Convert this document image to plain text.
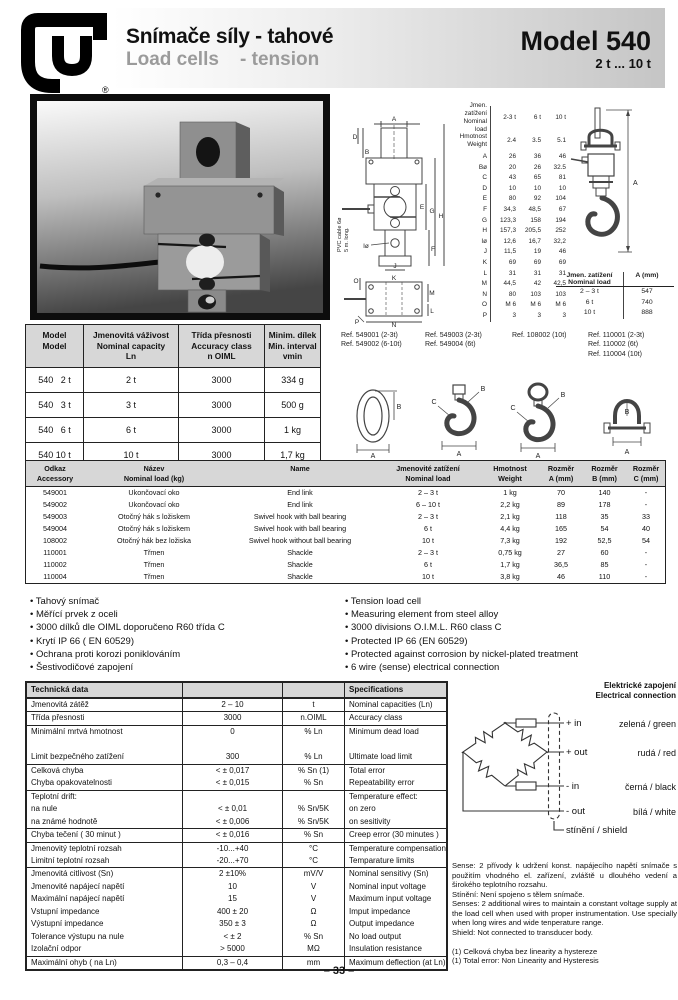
®
Snímače síly - tahové
Load cells    - tension
Model 540
2 t ... 10 t
A
D
B
E
G
H
F
Iø
J
K
O
M
L
N
P
PVC cable 6ø 5 m. long.
Jmen. zatížení
Nominal load
2-3 t	6 t	10 t
Hmotnost
Weight
2.4	3.5	5.1
A	26	36	46
Bø	20	26	32.5
C	43	65	81
D	10	10	10
E	80	92	104
F	34,3	48,5	67
G	123,3	158	194
H	157,3	205,5	252
Iø	12,6	16,7	32,2
J	11,5	19	46
K	69	69	69
L	31	31	31
M	44,5	42	42,5
N	80	103	103
O	M 6	M 6	M 6
P	3	3	3
A
Jmen. zatížení
Nominal load
A (mm)
2 – 3 t	547
6 t	740
10 t	888
Ref. 549001 (2-3t)
Ref. 549002 (6-10t)
Ref. 549003 (2-3t)
Ref. 549004 (6t)
Ref. 108002 (10t)	Ref. 110001 (2-3t)
Ref. 110002 (6t)
Ref. 110004 (10t)
Model
Model
Jmenovitá váživost
Nominal capacity
Ln
Třída přesnosti
Accuracy class
n OIML
Minim. dílek
Min. interval
vmin
540   2 t	2 t	3000	334 g
540   3 t	3 t	3000	500 g
540   6 t	6 t	3000	1 kg
540 10 t	10 t	3000	1,7 kg
B
A
C
B
A
C
B
A
B
A
Odkaz
Accessory
Název
Nominal load (kg)
Name	Jmenovité zatížení
Nominal load
Hmotnost
Weight
Rozměr
A (mm)
Rozměr
B (mm)
Rozměr
C (mm)
549001	Ukončovací oko	End link	2 – 3 t	1 kg	70	140	-
549002	Ukončovací oko	End link	6 – 10 t	2,2 kg	89	178	-
549003	Otočný hák s ložiskem	Swivel hook with ball bearing	2 – 3 t	2,1 kg	118	35	33
549004	Otočný hák s ložiskem	Swivel hook with ball bearing	6 t	4,4 kg	165	54	40
108002	Otočný hák bez ložiska	Swivel hook without ball bearing	10 t	7,3 kg	192	52,5	54
110001	Třmen	Shackle	2 – 3 t	0,75 kg	27	60	-
110002	Třmen	Shackle	6 t	1,7 kg	36,5	85	-
110004	Třmen	Shackle	10 t	3,8 kg	46	110	-
• Tahový snímač
• Měřící prvek z oceli
• 3000 dílků dle OIML doporučeno R60 třída C
• Krytí IP 66 ( EN 60529)
• Ochrana proti korozi poniklováním
• Šestivodičové zapojení
• Tension load cell
• Measuring element from steel alloy
• 3000 divisions O.I.M.L. R60 class C
• Protected IP 66 (EN 60529)
• Protected against corrosion by nickel-plated treatment
• 6 wire (sense) electrical connection
Technická data	Specifications
Jmenovitá zátěž	2 – 10	t	Nominal capacities (Ln)
Třída přesnosti	3000	n.OIML	Accuracy class
Minimální mrtvá hmotnost	0	% Ln	Minimum dead load
Limit bezpečného zatížení	300	% Ln	Ultimate load limit
Celková chyba	< ± 0,017	% Sn (1)	Total error
Chyba opakovatelnosti	< ± 0,015	% Sn	Repeatability error
Teplotní drift:	Temperature effect:
na nule	< ± 0,01	% Sn/5K	on zero
na známé hodnotě	< ± 0,006	% Sn/5K	on sesitivity
Chyba tečení ( 30 minut )	< ± 0,016	% Sn	Creep error (30 minutes )
Jmenovitý teplotní rozsah	-10...+40	°C	Temperature compensation
Limitní teplotní rozsah	-20...+70	°C	Temparature limits
Jmenovitá citlivost (Sn)	2 ±10%	mV/V	Nominal sensitivy (Sn)
Jmenovité napájecí napětí	10	V	Nominal input voltage
Maximální napájecí napětí	15	V	Maximum input voltage
Vstupní impedance	400 ± 20	Ω	Imput impedance
Výstupní impedance	350 ± 3	Ω	Output impedance
Tolerance výstupu na nule	< ± 2	% Sn	No load output
Izolační odpor	> 5000	MΩ	Insulation resistance
Maximální ohyb ( na Ln)	0,3 – 0,4	mm	Maximum deflection (at Ln)
Elektrické zapojení
Electrical connection
+ in	zelená / green
+ out	rudá / red
- in	černá / black
- out	bílá / white
stínění / shield

Sense: 2 přívody k udržení konst. napájecího napětí snímače s použitím vhodného el. zařízení, zvláště u dlouhého vedení a širokého teplotního rozsahu.

Stínění: Není spojeno s tělem snímače.

Senses: 2 additional wires to maintain a constant voltage supply at the load cell when used with proper instrumentation. Use specially when long wires and wide tenperature range.

Shield: Not connected to transducer body.

(1) Celková chyba bez linearity a hystereze

(1) Total error: Non Linearity and Hysteresis

– 33 –
